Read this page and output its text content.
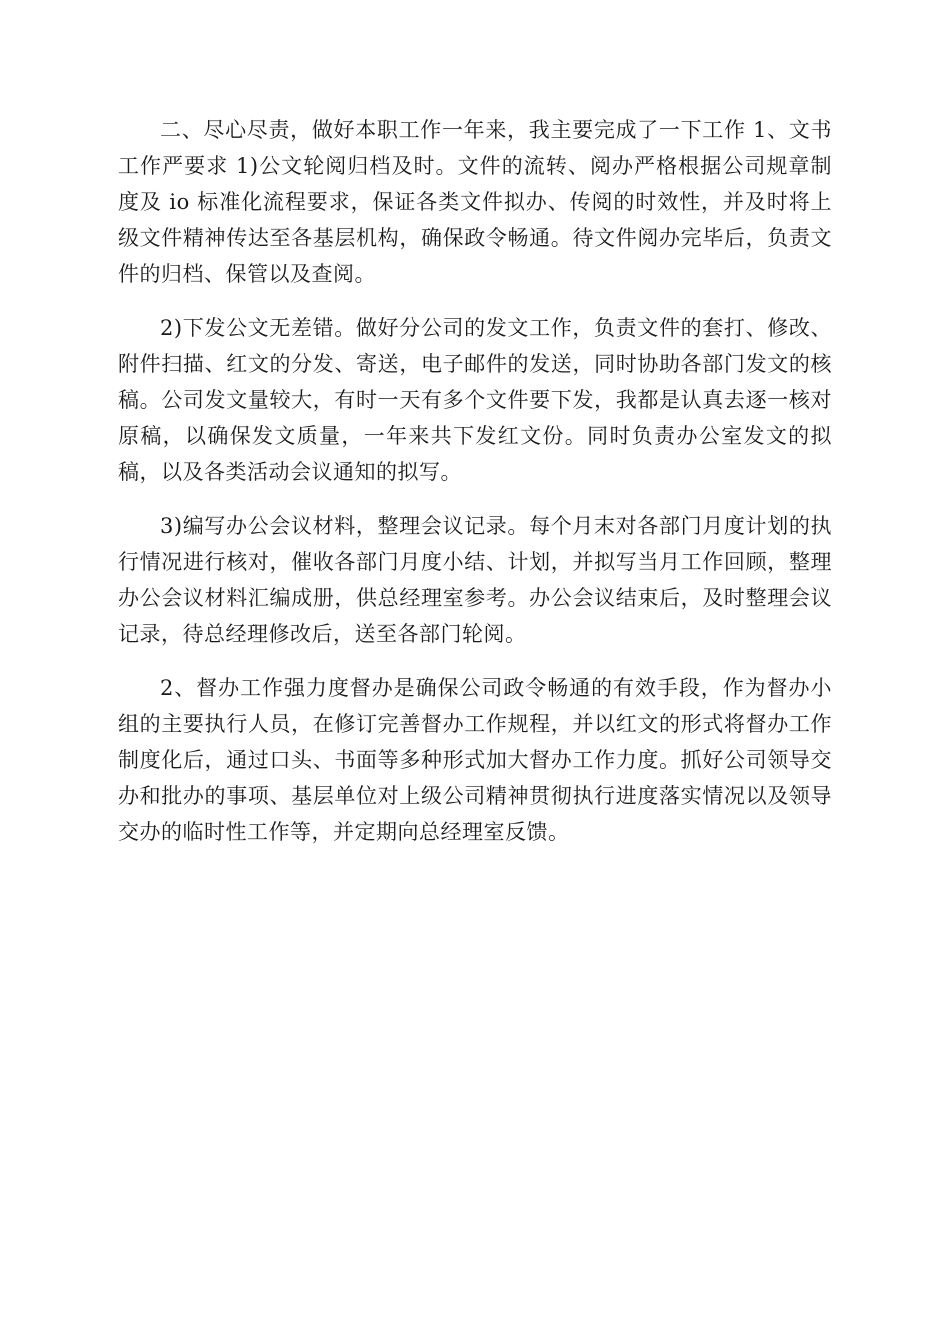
二、尽心尽责，做好本职工作一年来，我主要完成了一下工作 1、文书工作严要求 1)公文轮阅归档及时。文件的流转、阅办严格根据公司规章制度及 io 标准化流程要求，保证各类文件拟办、传阅的时效性，并及时将上级文件精神传达至各基层机构，确保政令畅通。待文件阅办完毕后，负责文件的归档、保管以及查阅。

2)下发公文无差错。做好分公司的发文工作，负责文件的套打、修改、附件扫描、红文的分发、寄送，电子邮件的发送，同时协助各部门发文的核稿。公司发文量较大，有时一天有多个文件要下发，我都是认真去逐一核对原稿，以确保发文质量，一年来共下发红文份。同时负责办公室发文的拟稿，以及各类活动会议通知的拟写。

3)编写办公会议材料，整理会议记录。每个月末对各部门月度计划的执行情况进行核对，催收各部门月度小结、计划，并拟写当月工作回顾，整理办公会议材料汇编成册，供总经理室参考。办公会议结束后，及时整理会议记录，待总经理修改后，送至各部门轮阅。

2、督办工作强力度督办是确保公司政令畅通的有效手段，作为督办小组的主要执行人员，在修订完善督办工作规程，并以红文的形式将督办工作制度化后，通过口头、书面等多种形式加大督办工作力度。抓好公司领导交办和批办的事项、基层单位对上级公司精神贯彻执行进度落实情况以及领导交办的临时性工作等，并定期向总经理室反馈。
